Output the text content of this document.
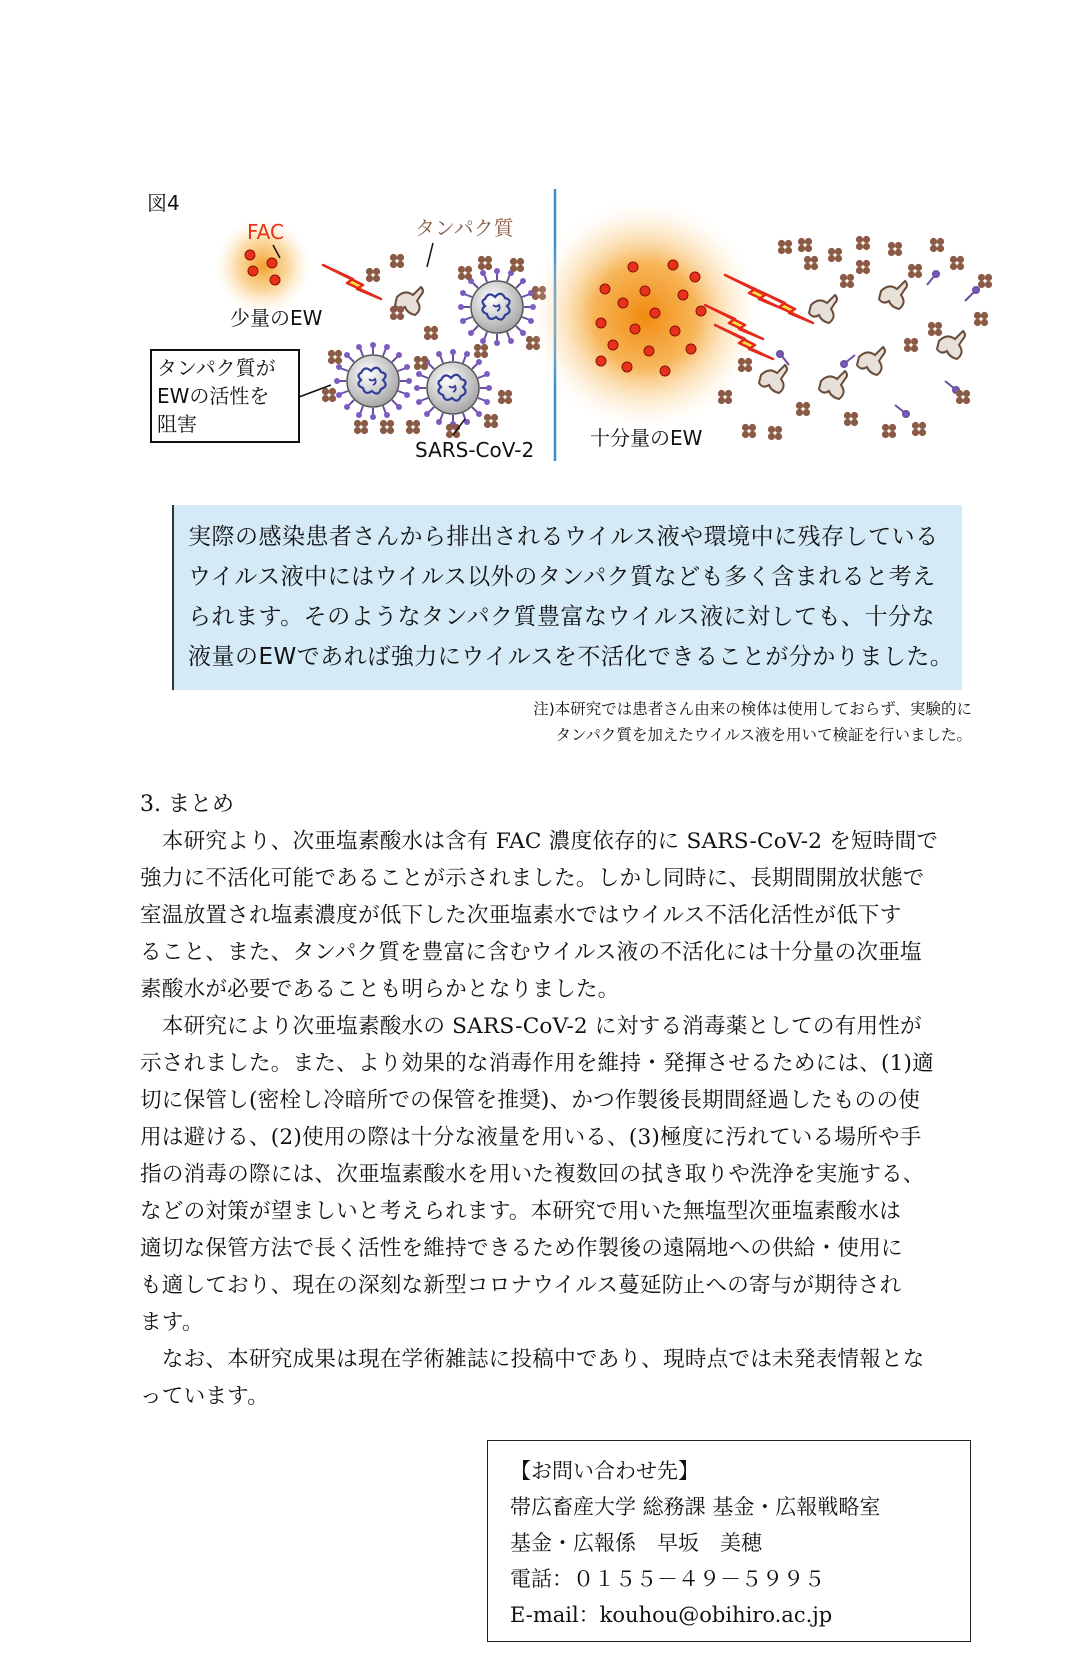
図4
FAC
少量のEW
タンパク質
タンパク質が
EWの活性を
阻害
SARS-CoV-2	十分量のEW
実際の感染患者さんから排出されるウイルス液や環境中に残存している
ウイルス液中にはウイルス以外のタンパク質なども多く含まれると考え
られます。そのようなタンパク質豊富なウイルス液に対しても、十分な
液量のEWであれば強力にウイルスを不活化できることが分かりました。
注)本研究では患者さん由来の検体は使用しておらず、実験的に
タンパク質を加えたウイルス液を用いて検証を行いました。
3. まとめ
　本研究より、次亜塩素酸水は含有 FAC 濃度依存的に SARS-CoV-2 を短時間で
強力に不活化可能であることが示されました。しかし同時に、長期間開放状態で
室温放置され塩素濃度が低下した次亜塩素水ではウイルス不活化活性が低下す
ること、また、タンパク質を豊富に含むウイルス液の不活化には十分量の次亜塩
素酸水が必要であることも明らかとなりました。
　本研究により次亜塩素酸水の SARS-CoV-2 に対する消毒薬としての有用性が
示されました。また、より効果的な消毒作用を維持・発揮させるためには、(1)適
切に保管し(密栓し冷暗所での保管を推奨)、かつ作製後長期間経過したものの使
用は避ける、(2)使用の際は十分な液量を用いる、(3)極度に汚れている場所や手
指の消毒の際には、次亜塩素酸水を用いた複数回の拭き取りや洗浄を実施する、
などの対策が望ましいと考えられます。本研究で用いた無塩型次亜塩素酸水は
適切な保管方法で長く活性を維持できるため作製後の遠隔地への供給・使用に
も適しており、現在の深刻な新型コロナウイルス蔓延防止への寄与が期待され
ます。
　なお、本研究成果は現在学術雑誌に投稿中であり、現時点では未発表情報とな
っています。
【お問い合わせ先】
帯広畜産大学 総務課 基金・広報戦略室
基金・広報係　早坂　美穂
電話：０１５５－４９－５９９５
E-mail：kouhou@obihiro.ac.jp
